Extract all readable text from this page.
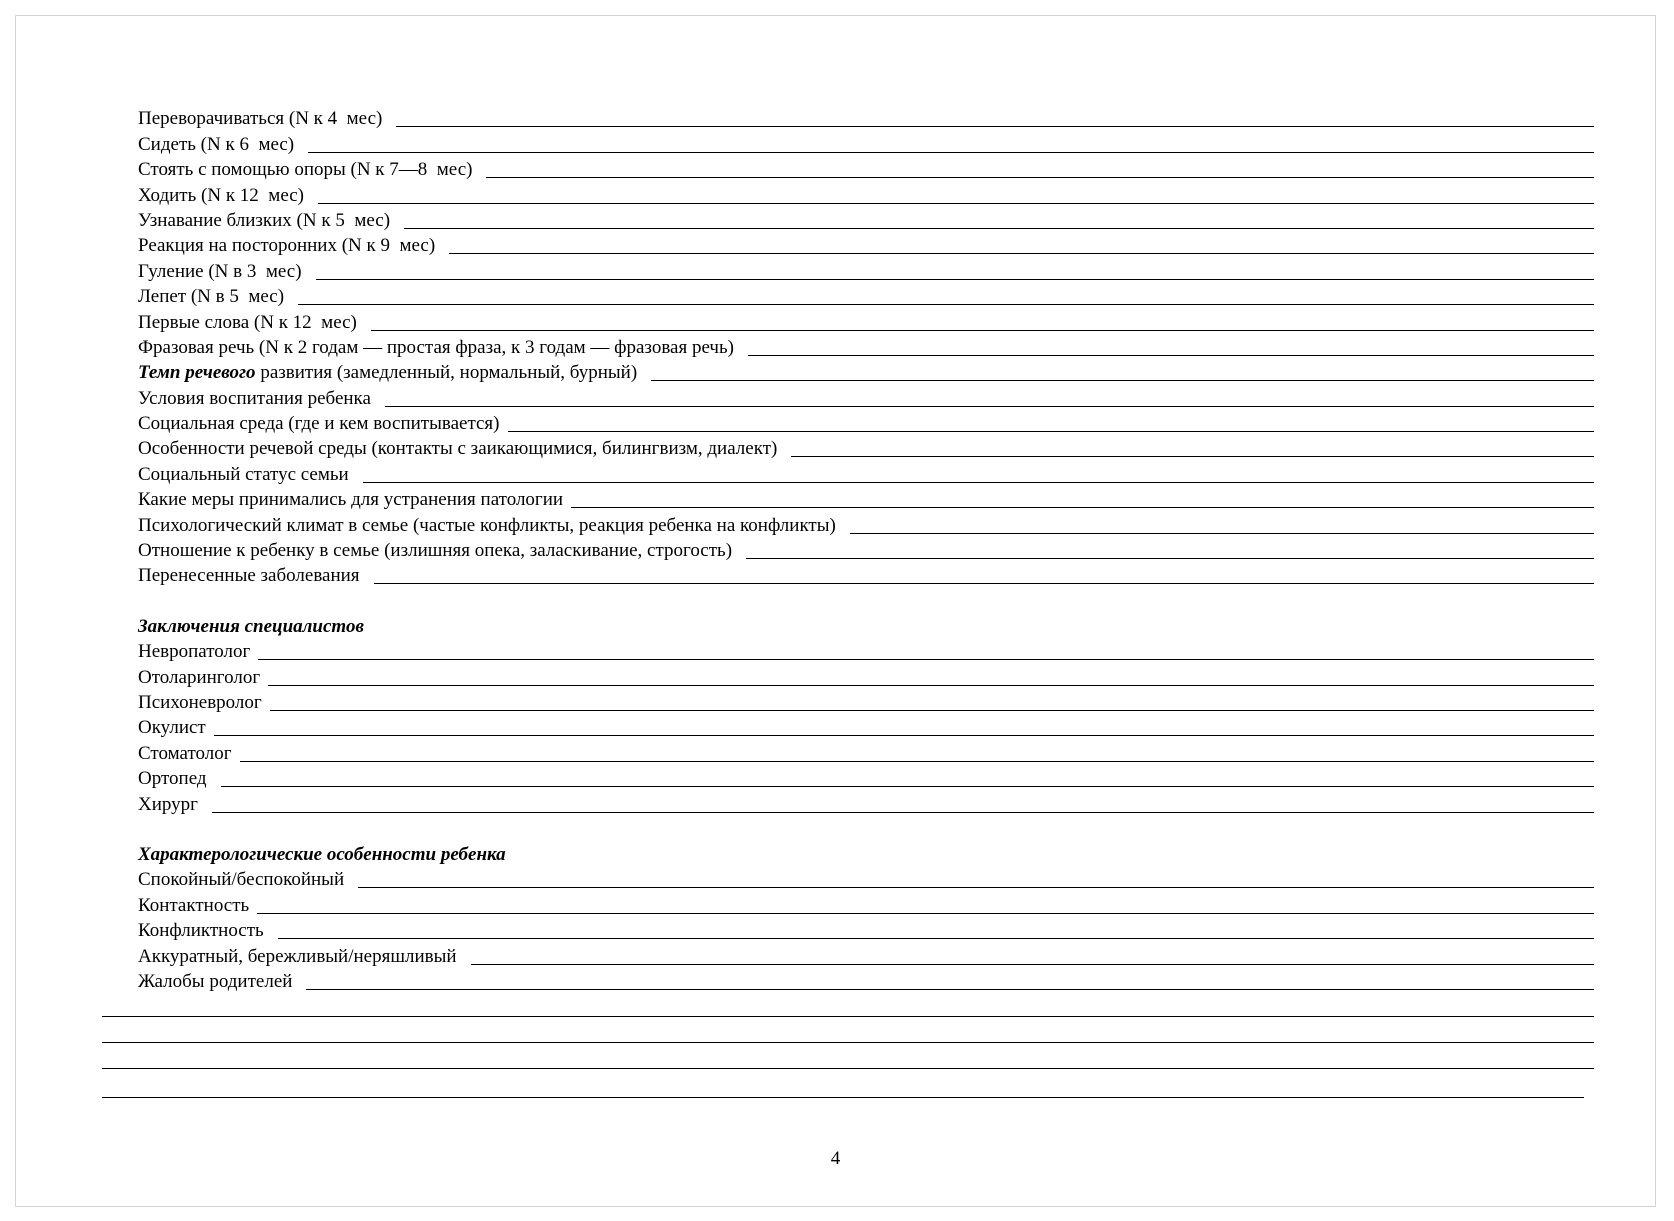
Переворачиваться (N к 4  мес)
Сидеть (N к 6  мес)
Стоять с помощью опоры (N к 7—8  мес)
Ходить (N к 12  мес)
Узнавание близких (N к 5  мес)
Реакция на посторонних (N к 9  мес)
Гуление (N в 3  мес)
Лепет (N в 5  мес)
Первые слова (N к 12  мес)
Фразовая речь (N к 2 годам — простая фраза, к 3 годам — фразовая речь)
Темп речевого развития (замедленный, нормальный, бурный)
Условия воспитания ребенка
Социальная среда (где и кем воспитывается)
Особенности речевой среды (контакты с заикающимися, билингвизм, диалект)
Социальный статус семьи
Какие меры принимались для устранения патологии
Психологический климат в семье (частые конфликты, реакция ребенка на конфликты)
Отношение к ребенку в семье (излишняя опека, заласкивание, строгость)
Перенесенные заболевания
Заключения специалистов
Невропатолог
Отоларинголог
Психоневролог
Окулист
Стоматолог
Ортопед
Хирург
Характерологические особенности ребенка
Спокойный/беспокойный
Контактность
Конфликтность
Аккуратный, бережливый/неряшливый
Жалобы родителей
4
